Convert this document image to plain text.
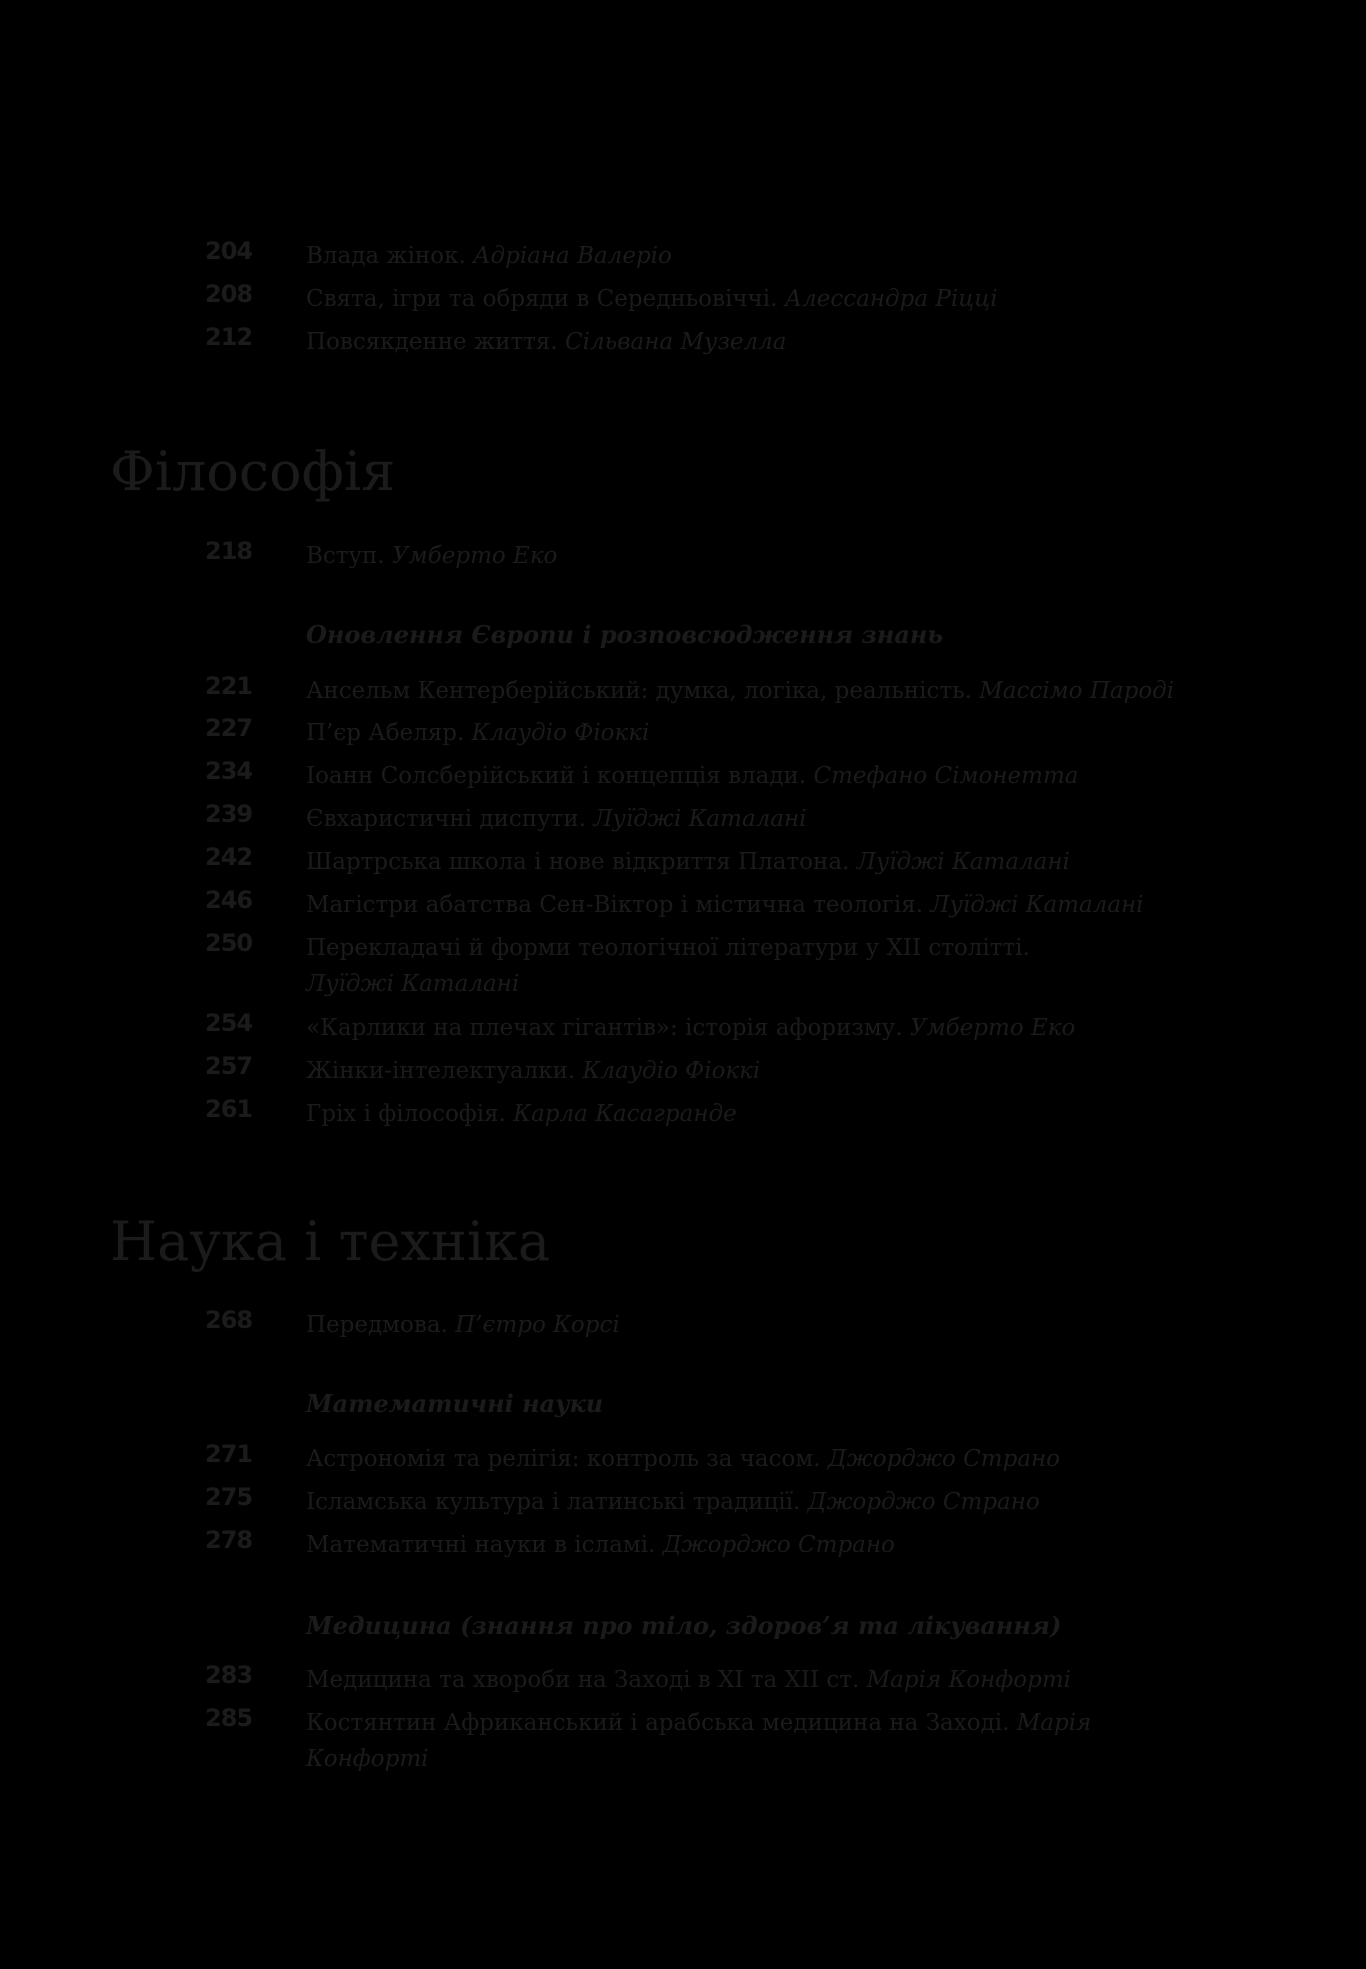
204 Влада жінок. Адріана Валеріо
208 Свята, ігри та обряди в Середньовіччі. Алессандра Ріцці
212 Повсякденне життя. Сільвана Музелла
Філософія
218 Вступ. Умберто Еко
Оновлення Європи і розповсюдження знань
221 Ансельм Кентерберійський: думка, логіка, реальність. Массімо Пароді
227 П’єр Абеляр. Клаудіо Фіоккі
234 Іоанн Солсберійський і концепція влади. Стефано Сімонетта
239 Євхаристичні диспути. Луїджі Каталані
242 Шартрська школа і нове відкриття Платона. Луїджі Каталані
246 Магістри абатства Сен-Віктор і містична теологія. Луїджі Каталані
250 Перекладачі й форми теологічної літератури у XII столітті. Луїджі Каталані
254 «Карлики на плечах гігантів»: історія афоризму. Умберто Еко
257 Жінки-інтелектуалки. Клаудіо Фіоккі
261 Гріх і філософія. Карла Касагранде
Наука і техніка
268 Передмова. П’єтро Корсі
Математичні науки
271 Астрономія та релігія: контроль за часом. Джорджо Страно
275 Ісламська культура і латинські традиції. Джорджо Страно
278 Математичні науки в ісламі. Джорджо Страно
Медицина (знання про тіло, здоров’я та лікування)
283 Медицина та хвороби на Заході в XI та XII ст. Марія Конфорті
285 Костянтин Африканський і арабська медицина на Заході. Марія Конфорті
